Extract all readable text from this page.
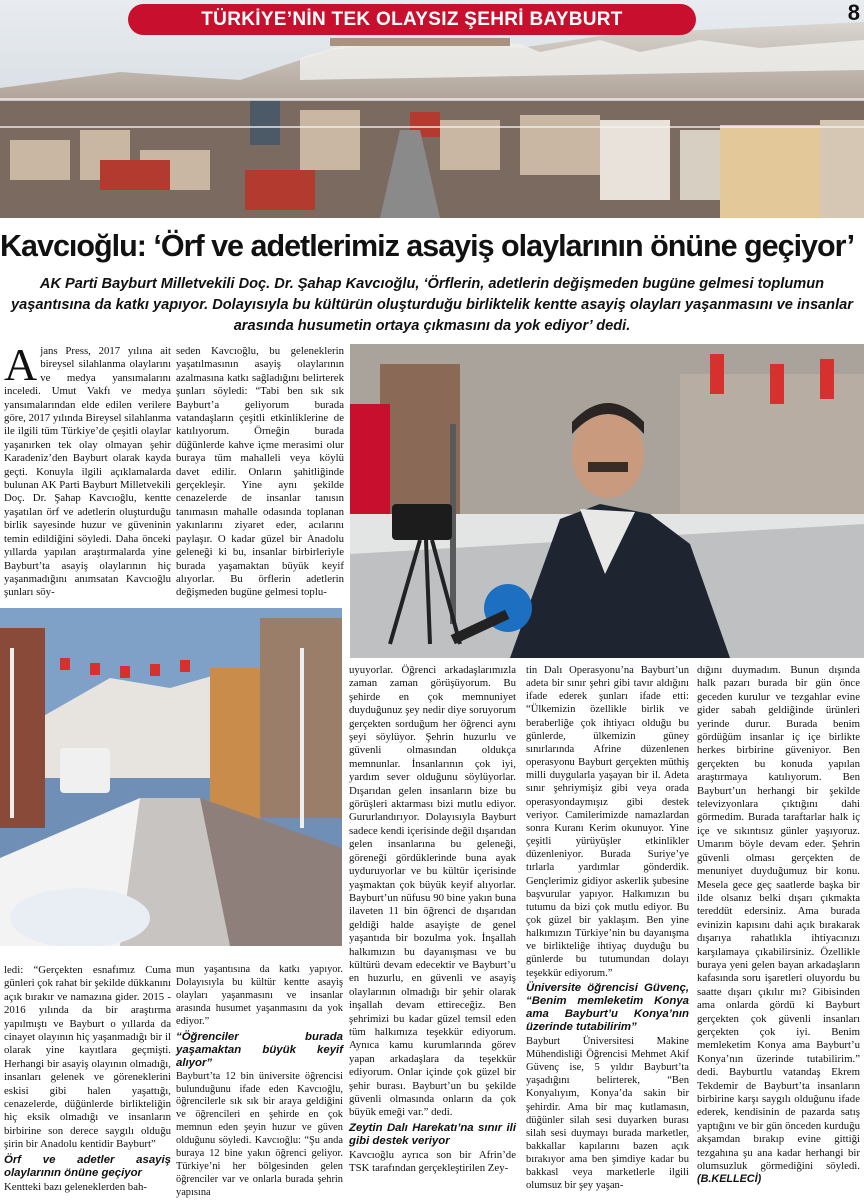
TÜRKİYE’NİN TEK OLAYSIZ ŞEHRİ BAYBURT	8
Kavcıoğlu: ‘Örf ve adetlerimiz asayiş olaylarının önüne geçiyor’
AK Parti Bayburt Milletvekili Doç. Dr. Şahap Kavcıoğlu, ‘Örflerin, adetlerin değişmeden bugüne gelmesi toplumun yaşantısına da katkı yapıyor. Dolayısıyla bu kültürün oluşturduğu birliktelik kentte asayiş olayları yaşanmasını ve insanlar arasında husumetin ortaya çıkmasını da yok ediyor’ dedi.

Ajans Press, 2017 yılına ait bireysel silahlanma olaylarını ve medya yansımalarını inceledi. Umut Vakfı ve medya yansımalarından elde edilen verilere göre, 2017 yılında Bireysel silahlanma ile ilgili tüm Türkiye’de çeşitli olaylar yaşanırken tek olay olmayan şehir Karadeniz’den Bayburt olarak kayda geçti. Konuyla ilgili açıklamalarda bulunan AK Parti Bayburt Milletvekili Doç. Dr. Şahap Kavcıoğlu, kentte yaşatılan örf ve adetlerin oluşturduğu birlik sayesinde huzur ve güveninin temin edildiğini söyledi. Daha önceki yıllarda yapılan araştırmalarda yine Bayburt’ta asayiş olaylarının hiç yaşanmadığını anımsatan Kavcıoğlu şunları söy-

seden Kavcıoğlu, bu geleneklerin yaşatılmasının asayiş olaylarının azalmasına katkı sağladığını belirterek şunları söyledi: “Tabi ben sık sık Bayburt’a geliyorum burada vatandaşların çeşitli etkinliklerine de katılıyorum. Örneğin burada düğünlerde kahve içme merasimi olur buraya tüm mahalleli veya köylü davet edilir. Onların şahitliğinde gerçekleşir. Yine aynı şekilde cenazelerde de insanlar tanısın tanımasın mahalle odasında toplanan yakınlarını ziyaret eder, acılarını paylaşır. O kadar güzel bir Anadolu geleneği ki bu, insanlar birbirleriyle burada yaşamaktan büyük keyif alıyorlar. Bu örflerin adetlerin değişmeden bugüne gelmesi toplu-

ledi: “Gerçekten esnafımız Cuma günleri çok rahat bir şekilde dükkanını açık bırakır ve namazına gider. 2015 - 2016 yılında da bir araştırma yapılmıştı ve Bayburt o yıllarda da cinayet olayının hiç yaşanmadığı bir il olarak yine kayıtlara geçmişti. Herhangi bir asayiş olayının olmadığı, insanları gelenek ve göreneklerini eskisi gibi halen yaşattığı, cenazelerde, düğünlerde birlikteliğin hiç eksik olmadığı ve insanların birbirine son derece saygılı olduğu şirin bir Anadolu kentidir Bayburt”

Örf ve adetler asayiş olaylarının önüne geçiyor

Kentteki bazı geleneklerden bah-

mun yaşantısına da katkı yapıyor. Dolayısıyla bu kültür kentte asayiş olayları yaşanmasını ve insanlar arasında husumet yaşanmasını da yok ediyor.”

“Öğrenciler burada yaşamaktan büyük keyif alıyor”

Bayburt’ta 12 bin üniversite öğrencisi bulunduğunu ifade eden Kavcıoğlu, öğrencilerle sık sık bir araya geldiğini ve öğrencileri en şehirde en çok memnun eden şeyin huzur ve güven olduğunu söyledi. Kavcıoğlu: “Şu anda buraya 12 bine yakın öğrenci geliyor. Türkiye’ni her bölgesinden gelen öğrenciler var ve onlarla burada şehrin yapısına

uyuyorlar. Öğrenci arkadaşlarımızla zaman zaman görüşüyorum. Bu şehirde en çok memnuniyet duyduğunuz şey nedir diye soruyorum gerçekten sorduğum her öğrenci aynı şeyi söylüyor. Şehrin huzurlu ve güvenli olmasından oldukça memnunlar. İnsanlarının çok iyi, yardım sever olduğunu söylüyorlar. Dışarıdan gelen insanların bize bu görüşleri aktarması bizi mutlu ediyor. Gururlandırıyor. Dolayısıyla Bayburt sadece kendi içerisinde değil dışarıdan gelen insanlarına bu geleneği, göreneği gördüklerinde buna ayak uyduruyorlar ve bu kültür içerisinde yaşmaktan çok büyük keyif alıyorlar. Bayburt’un nüfusu 90 bine yakın buna ilaveten 11 bin öğrenci de dışarıdan geldiği halde asayişte de genel yaşantıda bir bozulma yok. İnşallah halkımızın bu dayanışması ve bu kültürü devam edecektir ve Bayburt’u en huzurlu, en güvenli ve asayiş olaylarının olmadığı bir şehir olarak inşallah devam ettireceğiz. Ben şehrimizi bu kadar güzel temsil eden tüm halkımıza teşekkür ediyorum. Aynıca kamu kurumlarında görev yapan arkadaşlara da teşekkür ediyorum. Onlar içinde çok güzel bir şehir burası. Bayburt’un bu şekilde güvenli olmasında onların da çok büyük emeği var.” dedi.

Zeytin Dalı Harekatı’na sınır ili gibi destek veriyor

Kavcıoğlu ayrıca son bir Afrin’de TSK tarafından gerçekleştirilen Zey-

tin Dalı Operasyonu’na Bayburt’un adeta bir sınır şehri gibi tavır aldığını ifade ederek şunları ifade etti: “Ülkemizin özellikle birlik ve beraberliğe çok ihtiyacı olduğu bu günlerde, ülkemizin güney sınırlarında Afrine düzenlenen operasyonu Bayburt gerçekten müthiş milli duygularla yaşayan bir il. Adeta sınır şehriymişiz gibi veya orada operasyondaymışız gibi destek veriyor. Camilerimizde namazlardan sonra Kuranı Kerim okunuyor. Yine çeşitli yürüyüşler etkinlikler düzenleniyor. Burada Suriye’ye tırlarla yardımlar gönderdik. Gençlerimiz gidiyor askerlik şubesine başvurular yapıyor. Halkımızın bu tutumu da bizi çok mutlu ediyor. Bu çok güzel bir yaklaşım. Ben yine halkımızın Türkiye’nin bu dayanışma ve birlikteliğe ihtiyaç duyduğu bu günlerde bu tutumundan dolayı teşekkür ediyorum.”

Üniversite öğrencisi Güvenç, “Benim memleketim Konya ama Bayburt’u Konya’nın üzerinde tutabilirim”

Bayburt Üniversitesi Makine Mühendisliği Öğrencisi Mehmet Akif Güvenç ise, 5 yıldır Bayburt’ta yaşadığını belirterek, “Ben Konyalıyım, Konya’da sakin bir şehirdir. Ama bir maç kutlamasın, düğünler silah sesi duyarken burası silah sesi duymayı burada marketler, bakkallar kapılarını bazen açık bırakıyor ama ben şimdiye kadar bu bakkasl veya marketlerle ilgili olumsuz bir şey yaşan-

dığını duymadım. Bunun dışında halk pazarı burada bir gün önce geceden kurulur ve tezgahlar evine gider sabah geldiğinde ürünleri yerinde durur. Burada benim gördüğüm insanlar iç içe birlikte herkes birbirine güveniyor. Ben gerçekten bu konuda yapılan araştırmaya katılıyorum. Ben Bayburt’un herhangi bir şekilde televizyonlara çıktığını dahi görmedim. Burada taraftarlar halk iç içe ve sıkıntısız günler yaşıyoruz. Umarım böyle devam eder. Şehrin güvenli olması gerçekten de menuniyet duyduğumuz bir konu. Mesela gece geç saatlerde başka bir ilde olsanız belki dışarı çıkmakta tereddüt edersiniz. Ama burada evinizin kapısını dahi açık bırakarak dışarıya rahatlıkla ihtiyacınızı karşılamaya çıkabilirsiniz. Özellikle buraya yeni gelen bayan arkadaşların kafasında soru işaretleri oluyordu bu saatte dışarı çıkılır mı? Gibisinden ama onlarda gördü ki Bayburt gerçekten çok güvenli insanları gerçekten çok iyi. Benim memleketim Konya ama Bayburt’u Konya’nın üzerinde tutabilirim.” dedi. Bayburtlu vatandaş Ekrem Tekdemir de Bayburt’ta insanların birbirine karşı saygılı olduğunu ifade ederek, kendisinin de pazarda satış yaptığını ve bir gün önceden kurduğu akşamdan bırakıp evine gittiği tezgahına şu ana kadar herhangi bir olumsuzluk görmediğini söyledi. (B.KELLECİ)
